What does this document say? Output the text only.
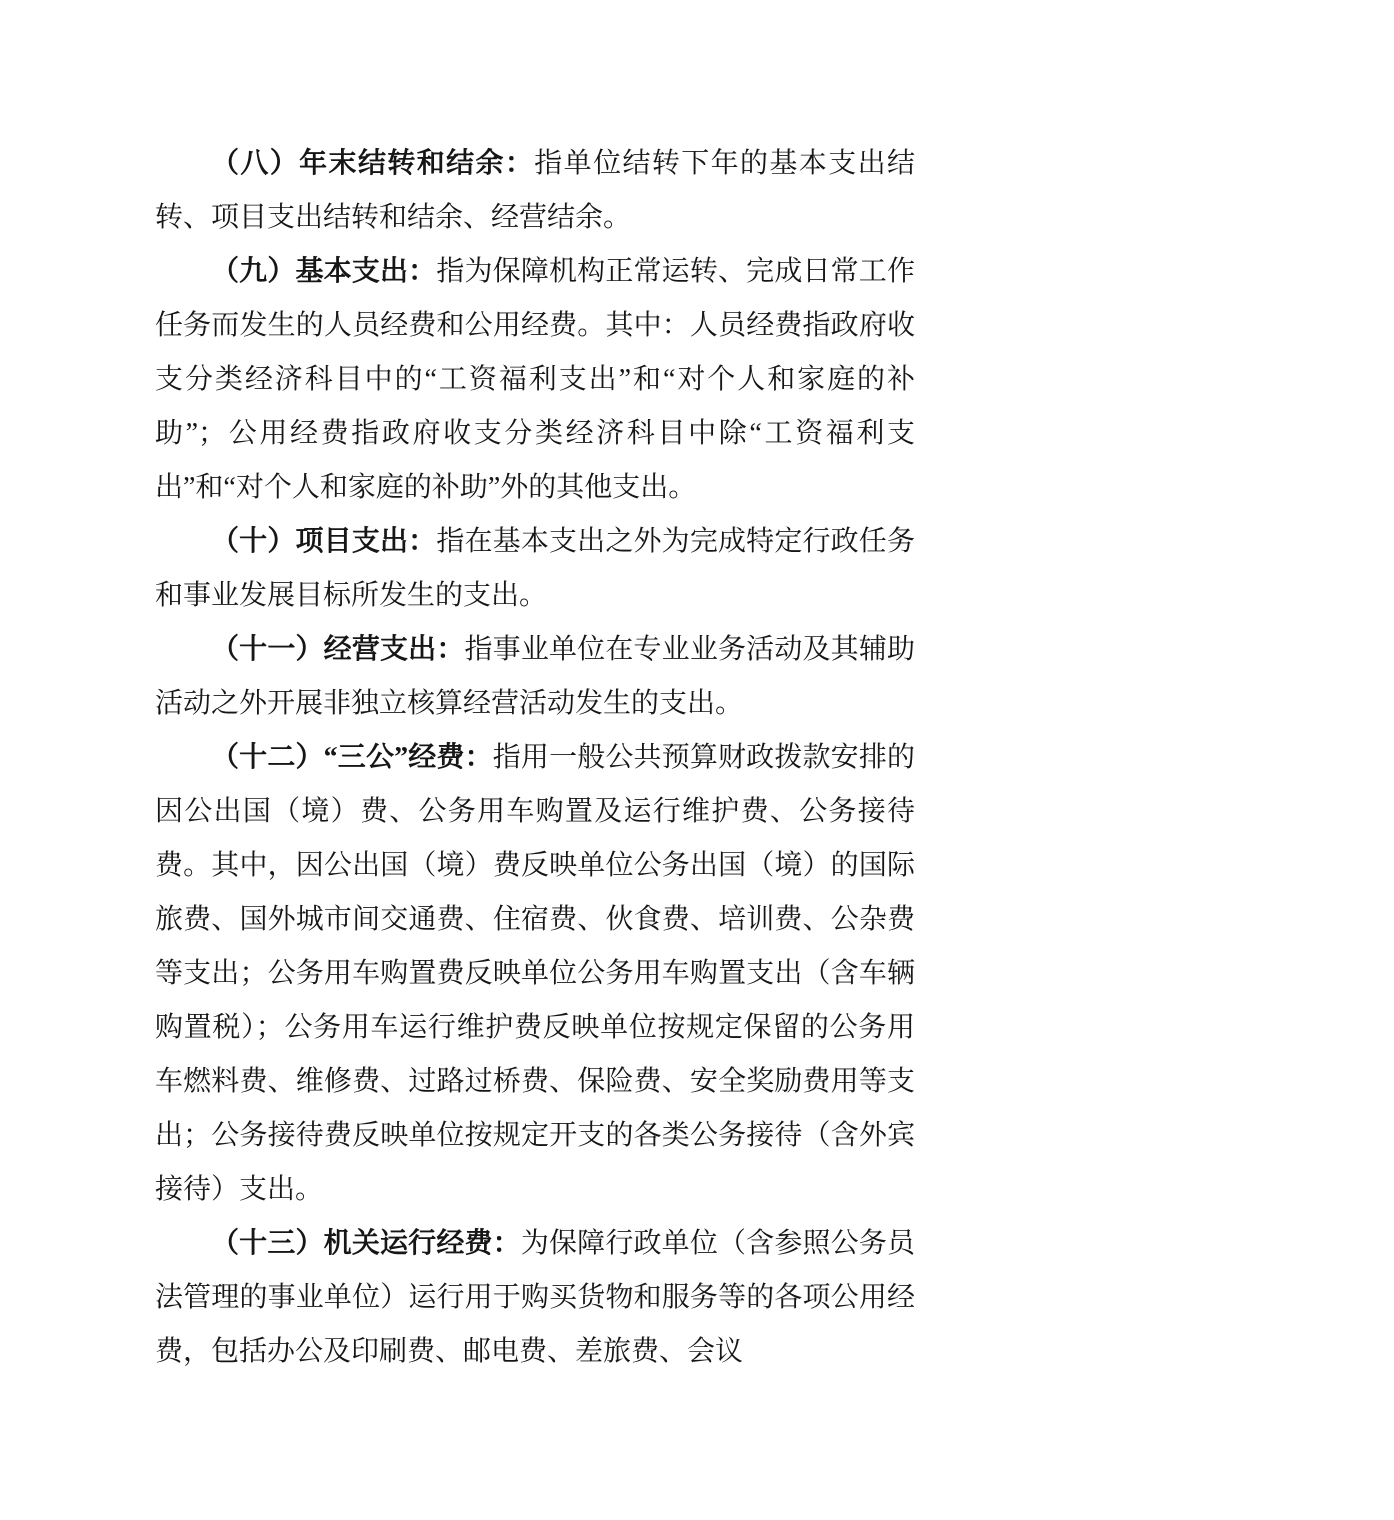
（八）年末结转和结余：指单位结转下年的基本支出结转、项目支出结转和结余、经营结余。

（九）基本支出：指为保障机构正常运转、完成日常工作任务而发生的人员经费和公用经费。其中：人员经费指政府收支分类经济科目中的“工资福利支出”和“对个人和家庭的补助”；公用经费指政府收支分类经济科目中除“工资福利支出”和“对个人和家庭的补助”外的其他支出。

（十）项目支出：指在基本支出之外为完成特定行政任务和事业发展目标所发生的支出。

（十一）经营支出：指事业单位在专业业务活动及其辅助活动之外开展非独立核算经营活动发生的支出。

（十二）“三公”经费：指用一般公共预算财政拨款安排的因公出国（境）费、公务用车购置及运行维护费、公务接待费。其中，因公出国（境）费反映单位公务出国（境）的国际旅费、国外城市间交通费、住宿费、伙食费、培训费、公杂费等支出；公务用车购置费反映单位公务用车购置支出（含车辆购置税）；公务用车运行维护费反映单位按规定保留的公务用车燃料费、维修费、过路过桥费、保险费、安全奖励费用等支出；公务接待费反映单位按规定开支的各类公务接待（含外宾接待）支出。

（十三）机关运行经费：为保障行政单位（含参照公务员法管理的事业单位）运行用于购买货物和服务等的各项公用经费，包括办公及印刷费、邮电费、差旅费、会议
